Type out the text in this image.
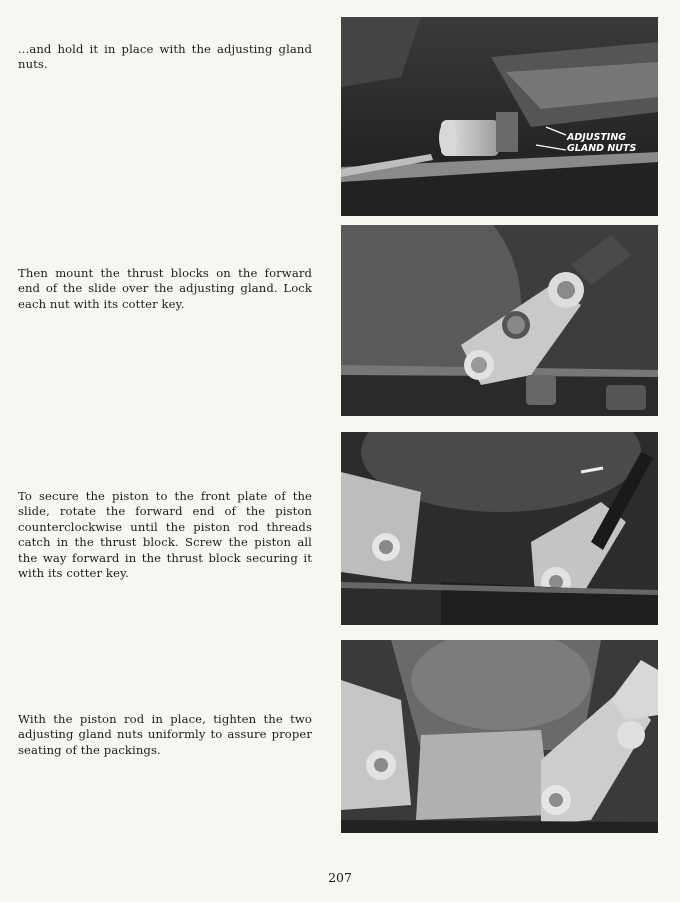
...and hold it in place with the adjusting gland nuts.
Then mount the thrust blocks on the forward end of the slide over the adjusting gland. Lock each nut with its cotter key.
To secure the piston to the front plate of the slide, rotate the forward end of the piston counterclockwise until the piston rod threads catch in the thrust block. Screw the piston all the way forward in the thrust block securing it with its cotter key.
With the piston rod in place, tighten the two adjusting gland nuts uniformly to assure proper seating of the packings.
ADJUSTING
GLAND NUTS
207
